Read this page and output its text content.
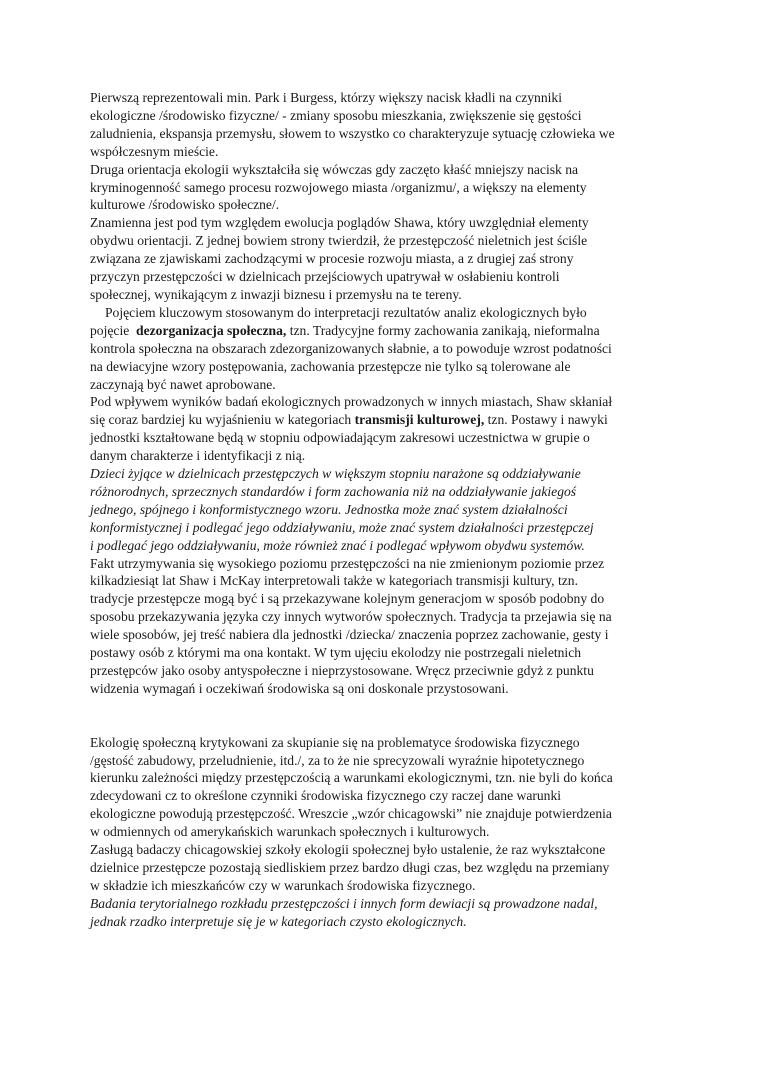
Pierwszą reprezentowali min. Park i Burgess, którzy większy nacisk kładli na czynniki
ekologiczne /środowisko fizyczne/ - zmiany sposobu mieszkania, zwiększenie się gęstości
zaludnienia, ekspansja przemysłu, słowem to wszystko co charakteryzuje sytuację człowieka we
współczesnym mieście.
Druga orientacja ekologii wykształciła się wówczas gdy zaczęto kłaść mniejszy nacisk na
kryminogenność samego procesu rozwojowego miasta /organizmu/, a większy na elementy
kulturowe /środowisko społeczne/.
Znamienna jest pod tym względem ewolucja poglądów Shawa, który uwzględniał elementy
obydwu orientacji. Z jednej bowiem strony twierdził, że przestępczość nieletnich jest ściśle
związana ze zjawiskami zachodzącymi w procesie rozwoju miasta, a z drugiej zaś strony
przyczyn przestępczości w dzielnicach przejściowych upatrywał w osłabieniu kontroli
społecznej, wynikającym z inwazji biznesu i przemysłu na te tereny.
Pojęciem kluczowym stosowanym do interpretacji rezultatów analiz ekologicznych było
pojęcie  dezorganizacja społeczna, tzn. Tradycyjne formy zachowania zanikają, nieformalna
kontrola społeczna na obszarach zdezorganizowanych słabnie, a to powoduje wzrost podatności
na dewiacyjne wzory postępowania, zachowania przestępcze nie tylko są tolerowane ale
zaczynają być nawet aprobowane.
Pod wpływem wyników badań ekologicznych prowadzonych w innych miastach, Shaw skłaniał
się coraz bardziej ku wyjaśnieniu w kategoriach transmisji kulturowej, tzn. Postawy i nawyki
jednostki kształtowane będą w stopniu odpowiadającym zakresowi uczestnictwa w grupie o
danym charakterze i identyfikacji z nią.
Dzieci żyjące w dzielnicach przestępczych w większym stopniu narażone są oddziaływanie
różnorodnych, sprzecznych standardów i form zachowania niż na oddziaływanie jakiegoś
jednego, spójnego i konformistycznego wzoru. Jednostka może znać system działalności
konformistycznej i podlegać jego oddziaływaniu, może znać system działalności przestępczej
i podlegać jego oddziaływaniu, może również znać i podlegać wpływom obydwu systemów.
Fakt utrzymywania się wysokiego poziomu przestępczości na nie zmienionym poziomie przez
kilkadziesiąt lat Shaw i McKay interpretowali także w kategoriach transmisji kultury, tzn.
tradycje przestępcze mogą być i są przekazywane kolejnym generacjom w sposób podobny do
sposobu przekazywania języka czy innych wytworów społecznych. Tradycja ta przejawia się na
wiele sposobów, jej treść nabiera dla jednostki /dziecka/ znaczenia poprzez zachowanie, gesty i
postawy osób z którymi ma ona kontakt. W tym ujęciu ekolodzy nie postrzegali nieletnich
przestępców jako osoby antyspołeczne i nieprzystosowane. Wręcz przeciwnie gdyż z punktu
widzenia wymagań i oczekiwań środowiska są oni doskonale przystosowani.
Ekologię społeczną krytykowani za skupianie się na problematyce środowiska fizycznego
/gęstość zabudowy, przeludnienie, itd./, za to że nie sprecyzowali wyraźnie hipotetycznego
kierunku zależności między przestępczością a warunkami ekologicznymi, tzn. nie byli do końca
zdecydowani cz to określone czynniki środowiska fizycznego czy raczej dane warunki
ekologiczne powodują przestępczość. Wreszcie „wzór chicagowski” nie znajduje potwierdzenia
w odmiennych od amerykańskich warunkach społecznych i kulturowych.
Zasługą badaczy chicagowskiej szkoły ekologii społecznej było ustalenie, że raz wykształcone
dzielnice przestępcze pozostają siedliskiem przez bardzo długi czas, bez względu na przemiany
w składzie ich mieszkańców czy w warunkach środowiska fizycznego.
Badania terytorialnego rozkładu przestępczości i innych form dewiacji są prowadzone nadal,
jednak rzadko interpretuje się je w kategoriach czysto ekologicznych.
